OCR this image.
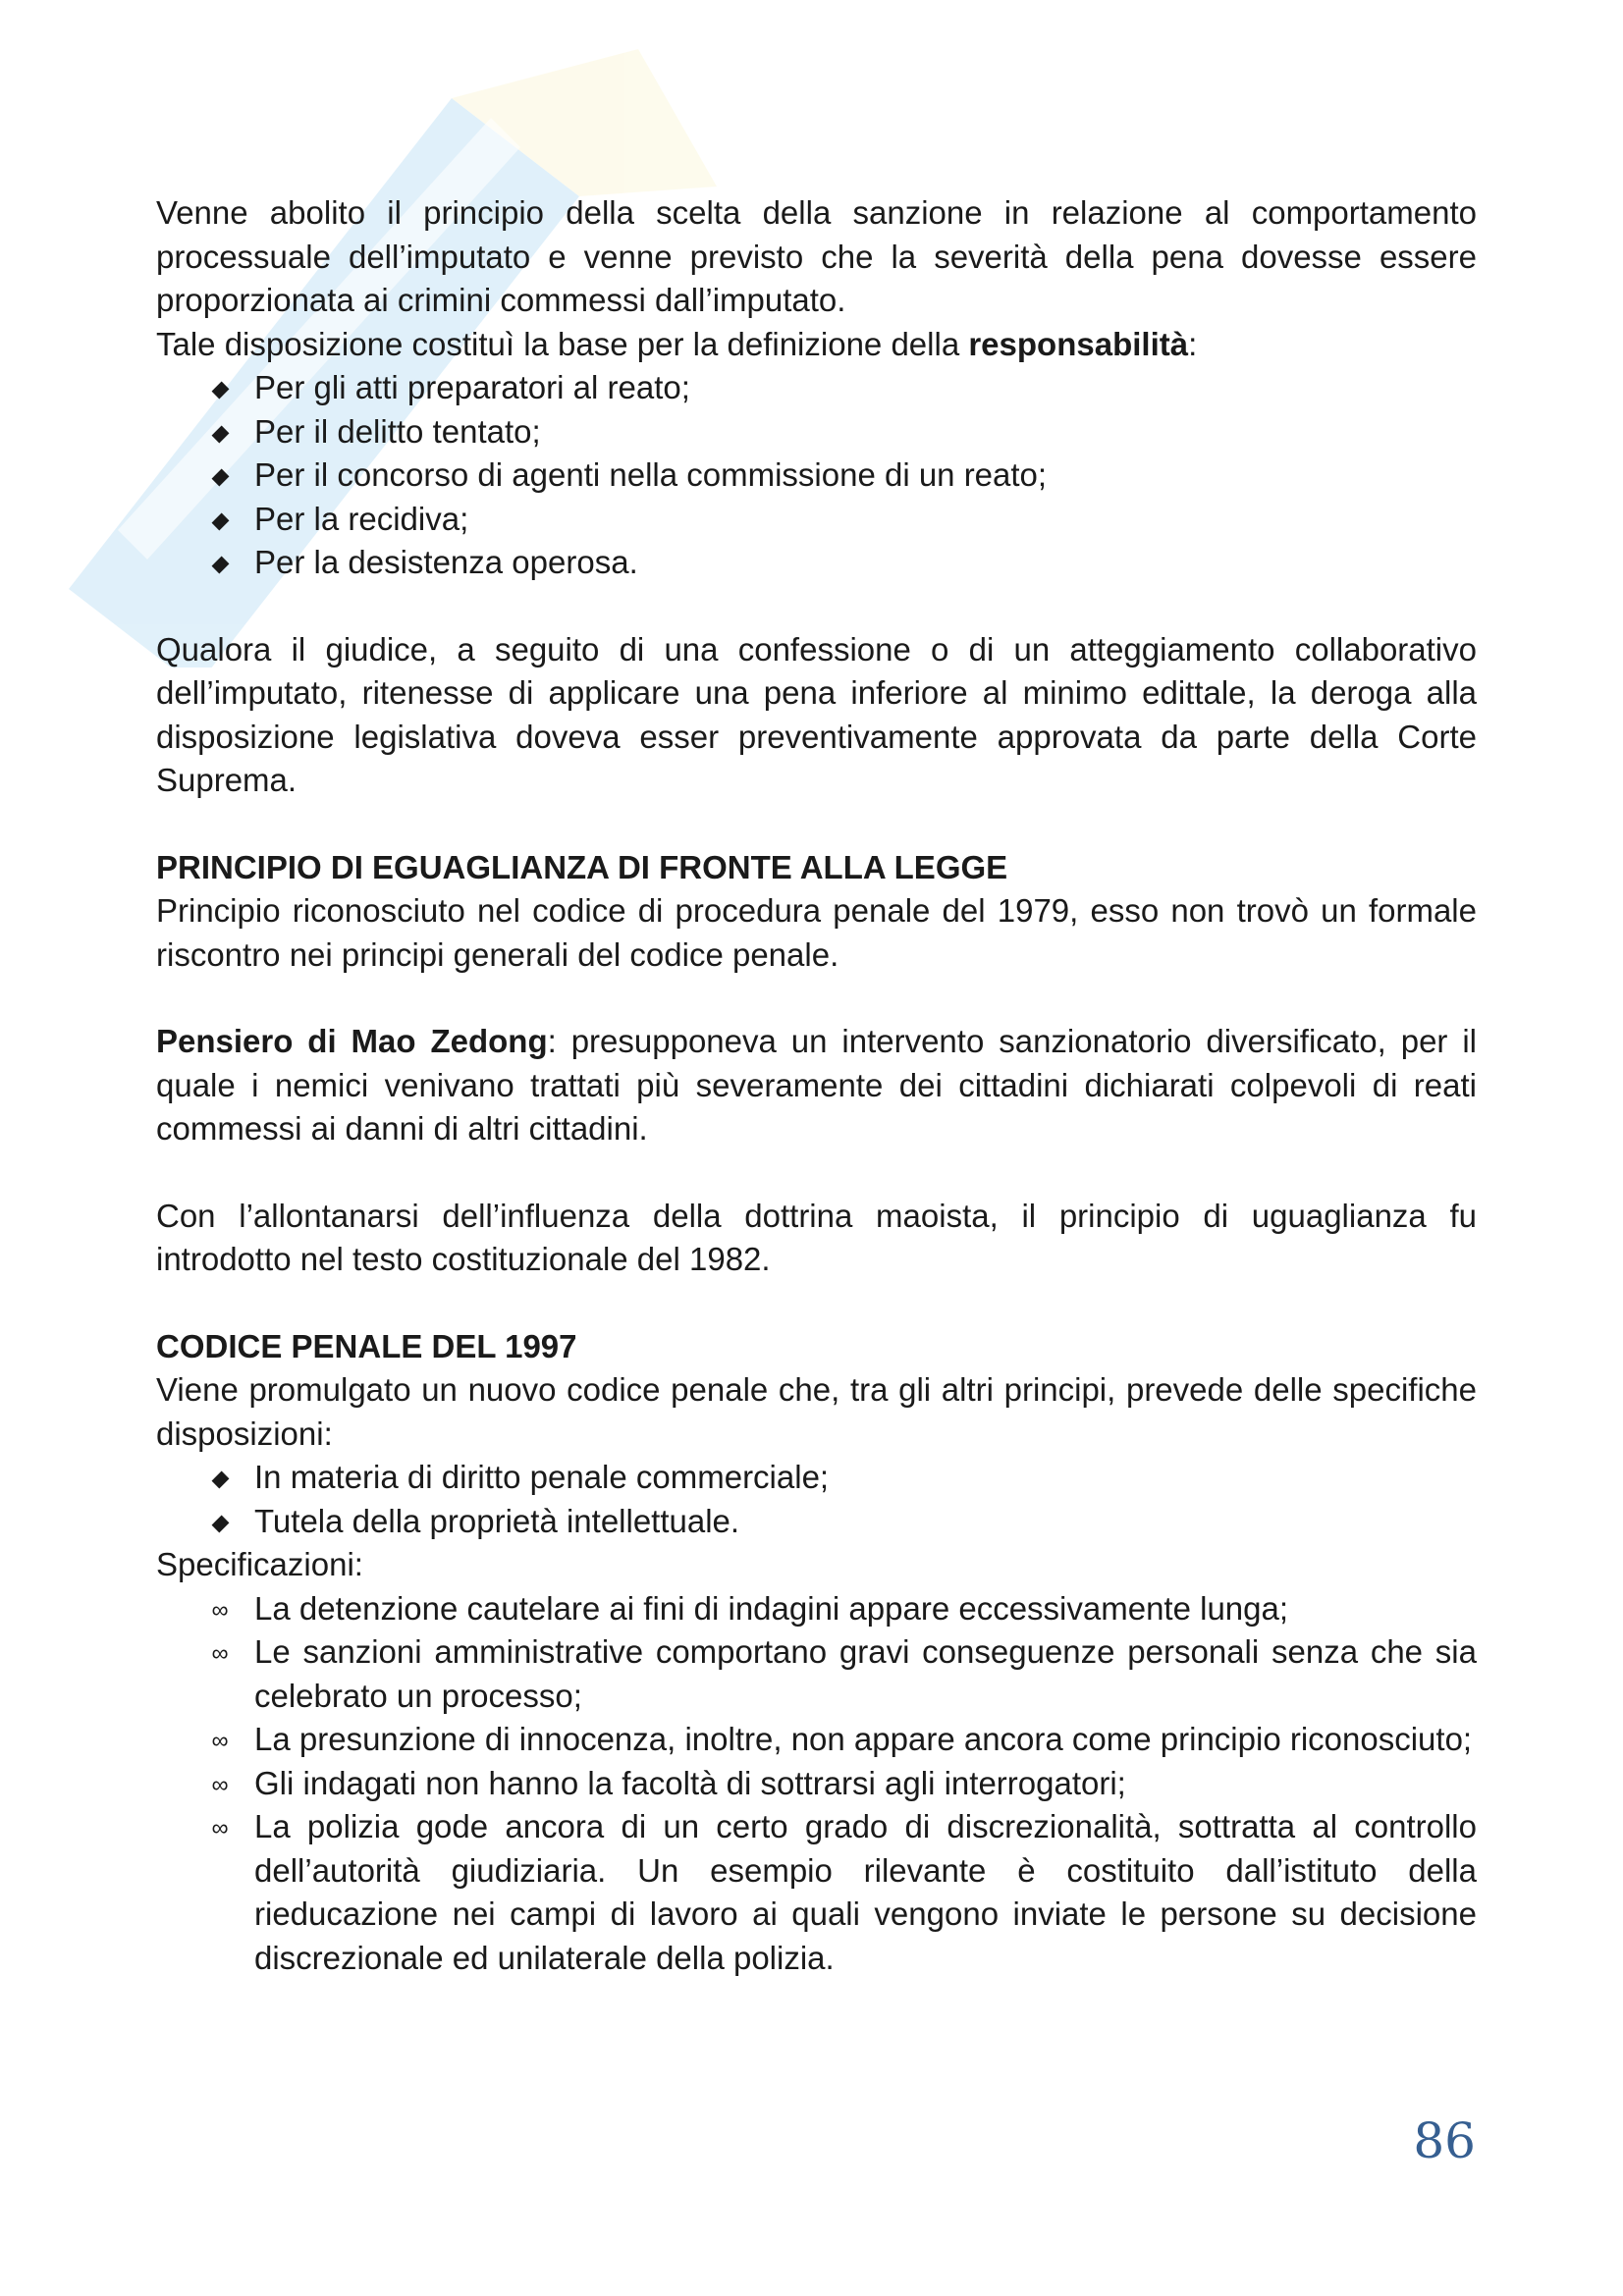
Venne abolito il principio della scelta della sanzione in relazione al comportamento processuale dell’imputato e venne previsto che la severità della pena dovesse essere proporzionata ai crimini commessi dall’imputato.

Tale disposizione costituì la base per la definizione della responsabilità:

Per gli atti preparatori al reato;
Per il delitto tentato;
Per il concorso di agenti nella commissione di un reato;
Per la recidiva;
Per la desistenza operosa.

Qualora il giudice, a seguito di una confessione o di un atteggiamento collaborativo dell’imputato, ritenesse di applicare una pena inferiore al minimo edittale, la deroga alla disposizione legislativa doveva esser preventivamente approvata da parte della Corte Suprema.

PRINCIPIO DI EGUAGLIANZA DI FRONTE ALLA LEGGE

Principio riconosciuto nel codice di procedura penale del 1979, esso non trovò un formale riscontro nei principi generali del codice penale.

Pensiero di Mao Zedong: presupponeva un intervento sanzionatorio diversificato, per il quale i nemici venivano trattati più severamente dei cittadini dichiarati colpevoli di reati commessi ai danni di altri cittadini.

Con l’allontanarsi dell’influenza della dottrina maoista, il principio di uguaglianza fu introdotto nel testo costituzionale del 1982.

CODICE PENALE DEL 1997

Viene promulgato un nuovo codice penale che, tra gli altri principi, prevede delle specifiche disposizioni:

In materia di diritto penale commerciale;
Tutela della proprietà intellettuale.

Specificazioni:

∞ La detenzione cautelare ai fini di indagini appare eccessivamente lunga;
∞ Le sanzioni amministrative comportano gravi conseguenze personali senza che sia celebrato un processo;
∞ La presunzione di innocenza, inoltre, non appare ancora come principio riconosciuto;
∞ Gli indagati non hanno la facoltà di sottrarsi agli interrogatori;
∞ La polizia gode ancora di un certo grado di discrezionalità, sottratta al controllo dell’autorità giudiziaria. Un esempio rilevante è costituito dall’istituto della rieducazione nei campi di lavoro ai quali vengono inviate le persone su decisione discrezionale ed unilaterale della polizia.
86
